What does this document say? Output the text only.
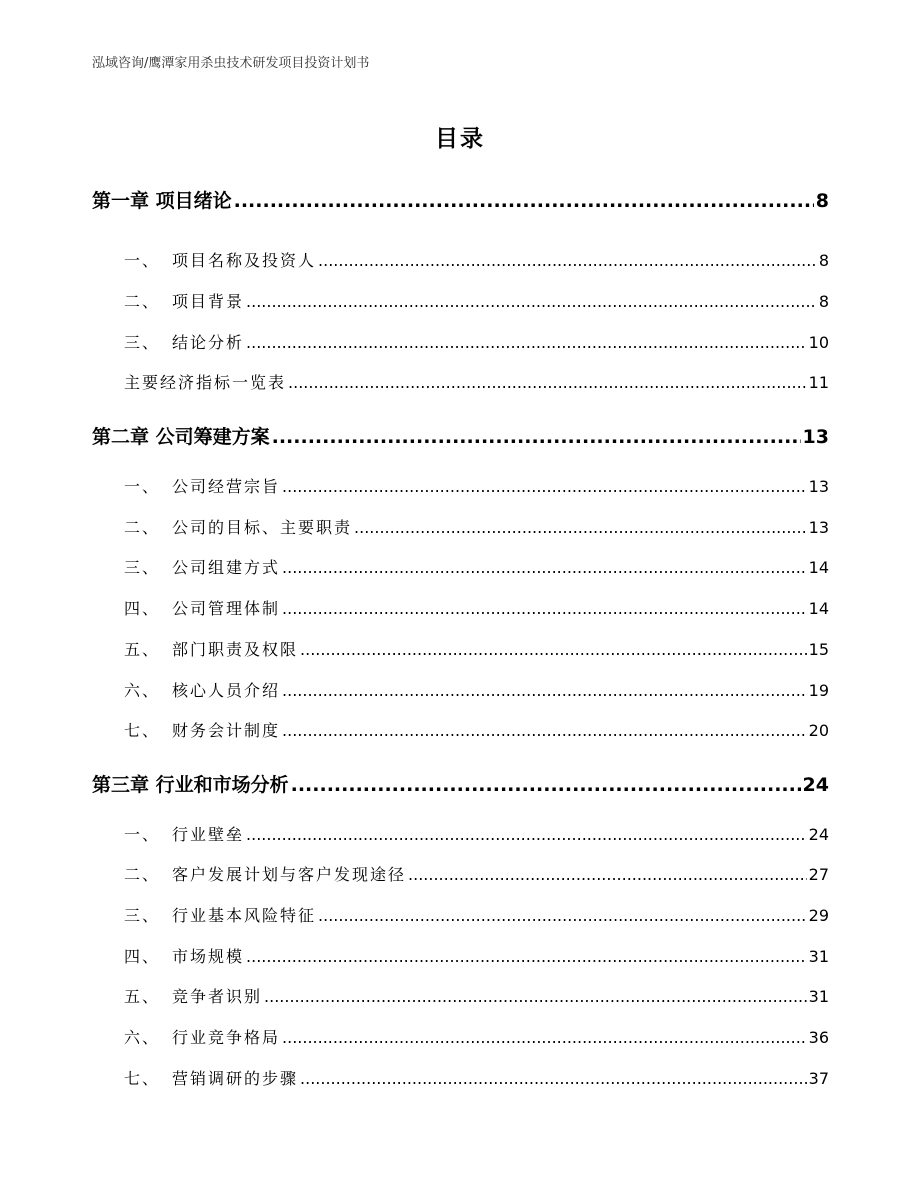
泓域咨询/鹰潭家用杀虫技术研发项目投资计划书
目录
第一章 项目绪论 .....	8
一、 项目名称及投资人 .....	8
二、 项目背景 .....	8
三、 结论分析 .....	10
主要经济指标一览表 .....	11
第二章 公司筹建方案 .....	13
一、 公司经营宗旨 .....	13
二、 公司的目标、主要职责 .....	13
三、 公司组建方式 .....	14
四、 公司管理体制 .....	14
五、 部门职责及权限 .....	15
六、 核心人员介绍 .....	19
七、 财务会计制度 .....	20
第三章 行业和市场分析 .....	24
一、 行业壁垒 .....	24
二、 客户发展计划与客户发现途径 .....	27
三、 行业基本风险特征 .....	29
四、 市场规模 .....	31
五、 竞争者识别 .....	31
六、 行业竞争格局 .....	36
七、 营销调研的步骤 .....	37
